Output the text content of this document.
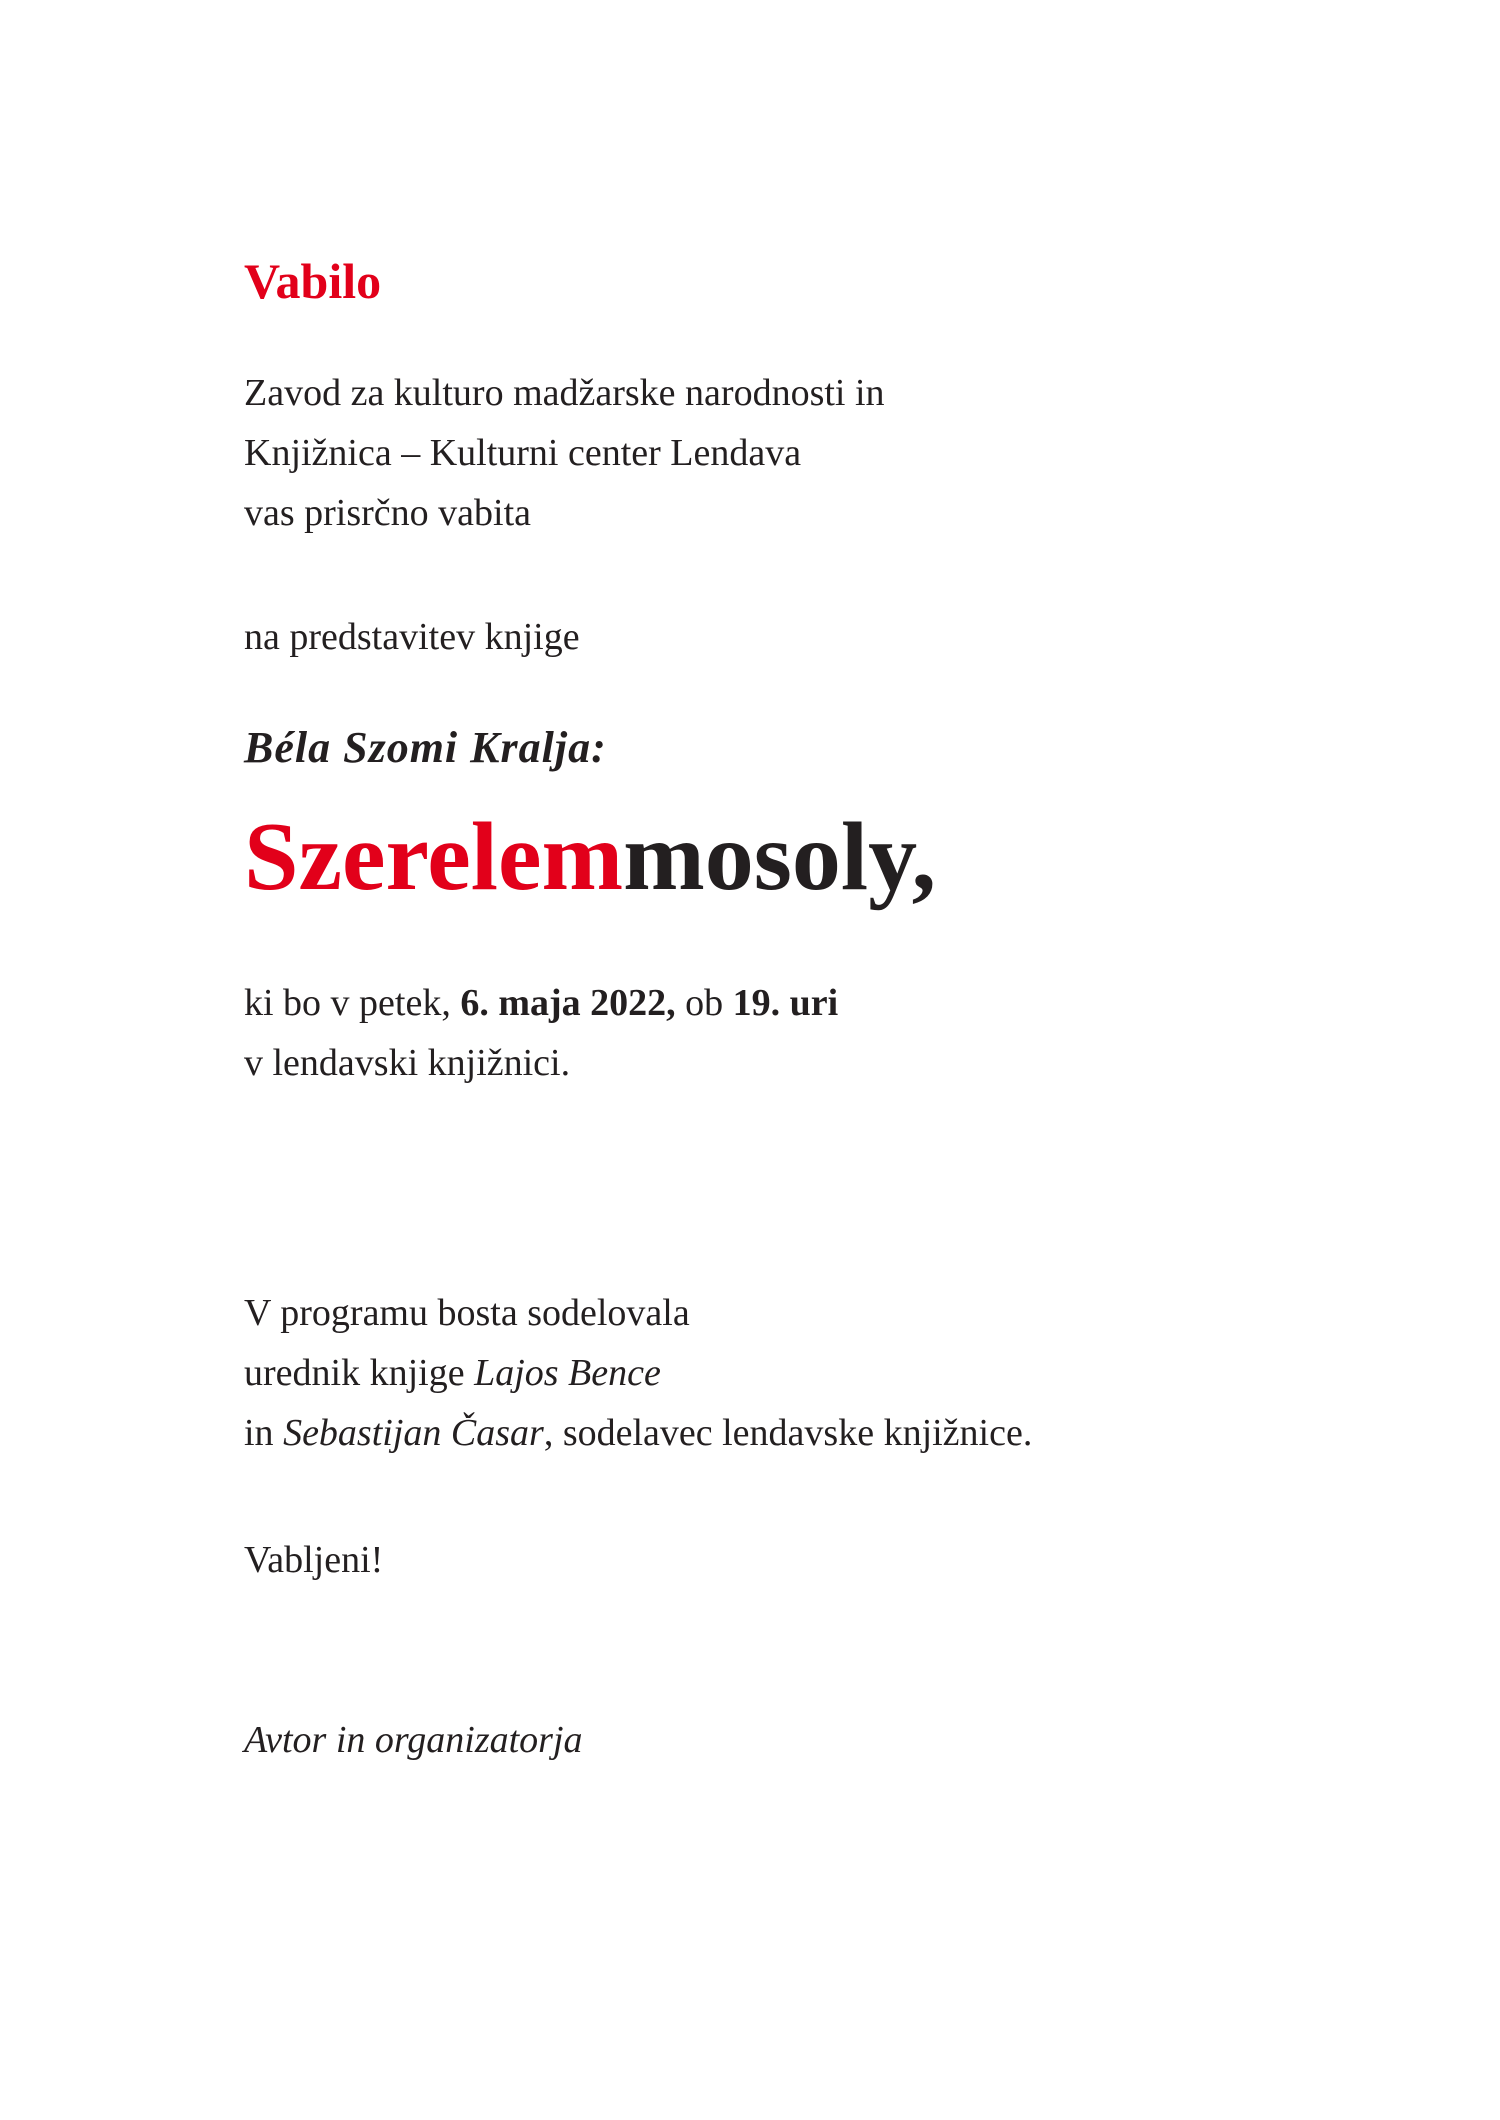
Vabilo
Zavod za kulturo madžarske narodnosti in
Knjižnica – Kulturni center Lendava
vas prisrčno vabita
na predstavitev knjige
Béla Szomi Kralja:
Szerelemmosoly,
ki bo v petek, 6. maja 2022, ob 19. uri
v lendavski knjižnici.
V programu bosta sodelovala
urednik knjige Lajos Bence
in Sebastijan Časar, sodelavec lendavske knjižnice.
Vabljeni!
Avtor in organizatorja
